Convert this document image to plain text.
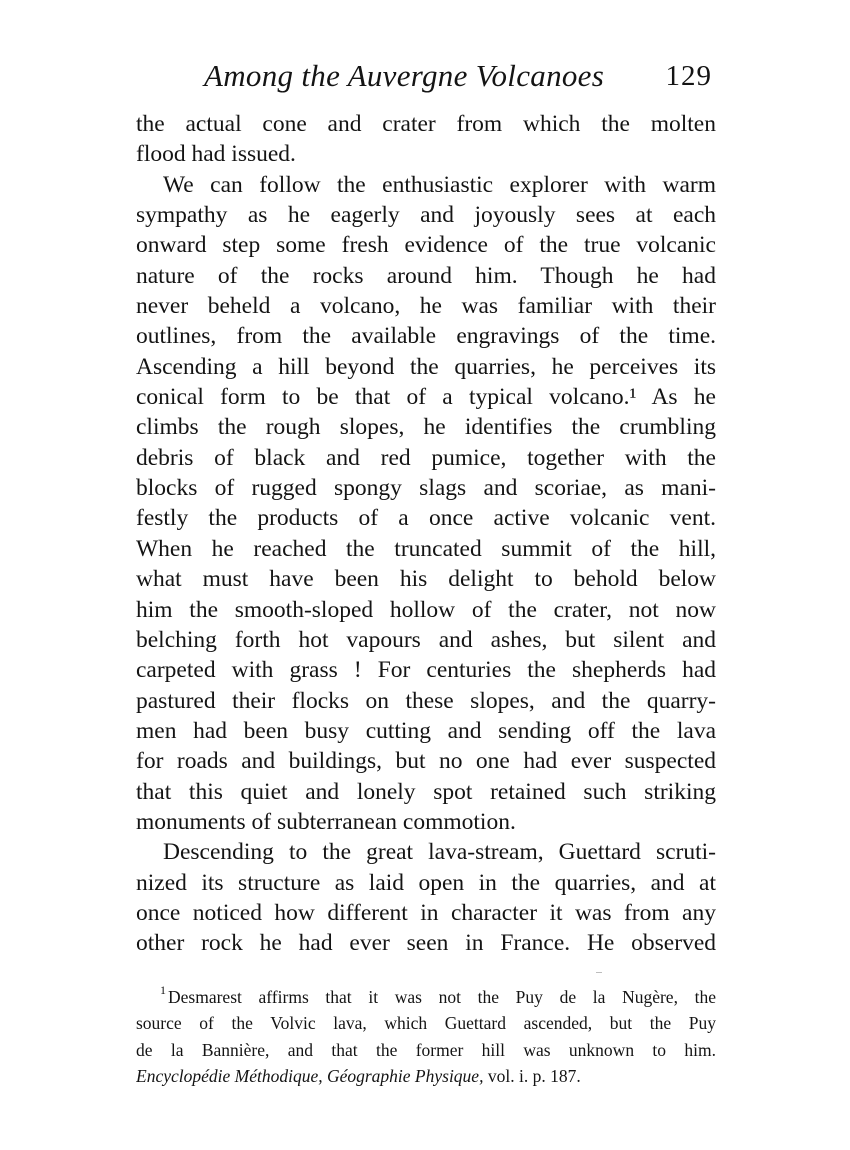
Among the Auvergne Volcanoes 129
the actual cone and crater from which the molten
flood had issued.
We can follow the enthusiastic explorer with warm
sympathy as he eagerly and joyously sees at each
onward step some fresh evidence of the true volcanic
nature of the rocks around him. Though he had
never beheld a volcano, he was familiar with their
outlines, from the available engravings of the time.
Ascending a hill beyond the quarries, he perceives its
conical form to be that of a typical volcano.¹ As he
climbs the rough slopes, he identifies the crumbling
debris of black and red pumice, together with the
blocks of rugged spongy slags and scoriae, as mani-
festly the products of a once active volcanic vent.
When he reached the truncated summit of the hill,
what must have been his delight to behold below
him the smooth-sloped hollow of the crater, not now
belching forth hot vapours and ashes, but silent and
carpeted with grass ! For centuries the shepherds had
pastured their flocks on these slopes, and the quarry-
men had been busy cutting and sending off the lava
for roads and buildings, but no one had ever suspected
that this quiet and lonely spot retained such striking
monuments of subterranean commotion.
Descending to the great lava-stream, Guettard scruti-
nized its structure as laid open in the quarries, and at
once noticed how different in character it was from any
other rock he had ever seen in France. He observed
$^1$ Desmarest affirms that it was not the Puy de la Nugère, the
source of the Volvic lava, which Guettard ascended, but the Puy
de la Bannière, and that the former hill was unknown to him.
Encyclopédie Méthodique, Géographie Physique, vol. i. p. 187.
